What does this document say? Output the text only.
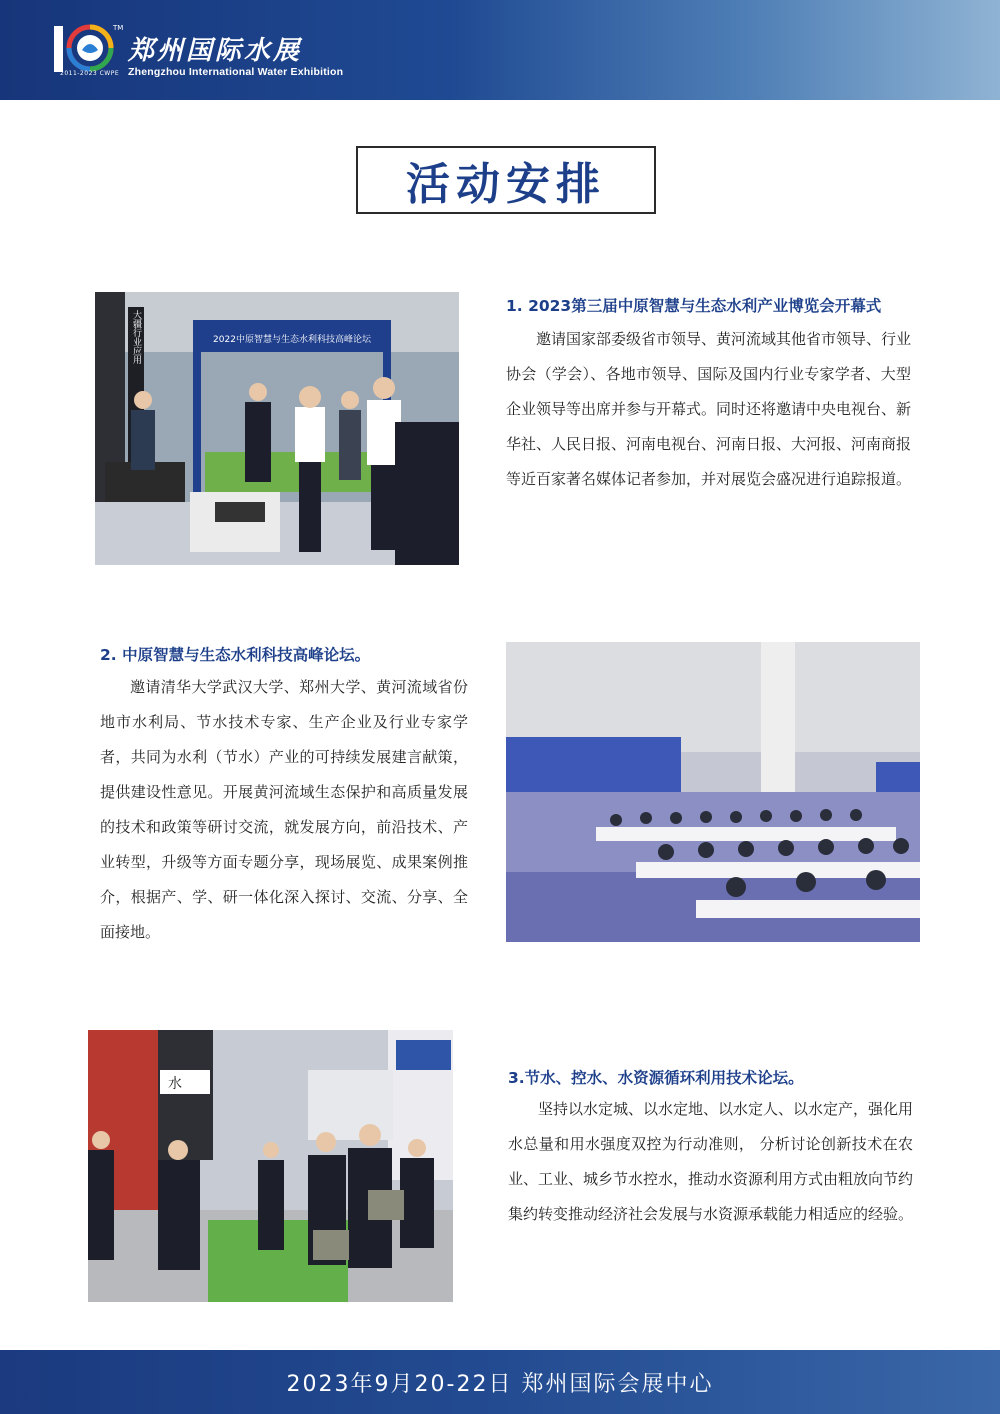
TM
2011-2023 CWPE
郑州国际水展
Zhengzhou International Water Exhibition
活动安排
大疆行业应用	2022中原智慧与生态水利科技高峰论坛
1. 2023第三届中原智慧与生态水利产业博览会开幕式
邀请国家部委级省市领导、黄河流域其他省市领导、行业协会（学会）、各地市领导、国际及国内行业专家学者、大型企业领导等出席并参与开幕式。同时还将邀请中央电视台、新华社、人民日报、河南电视台、河南日报、大河报、河南商报等近百家著名媒体记者参加，并对展览会盛况进行追踪报道。
2. 中原智慧与生态水利科技高峰论坛。
邀请清华大学武汉大学、郑州大学、黄河流域省份地市水利局、节水技术专家、生产企业及行业专家学者，共同为水利（节水）产业的可持续发展建言献策，提供建设性意见。开展黄河流域生态保护和高质量发展的技术和政策等研讨交流，就发展方向，前沿技术、产业转型，升级等方面专题分享，现场展览、成果案例推介，根据产、学、研一体化深入探讨、交流、分享、全面接地。
水	3.节水、控水、水资源循环利用技术论坛。
坚持以水定城、以水定地、以水定人、以水定产，强化用水总量和用水强度双控为行动准则， 分析讨论创新技术在农业、工业、城乡节水控水，推动水资源利用方式由粗放向节约集约转变推动经济社会发展与水资源承载能力相适应的经验。
2023年9月20-22日 郑州国际会展中心
